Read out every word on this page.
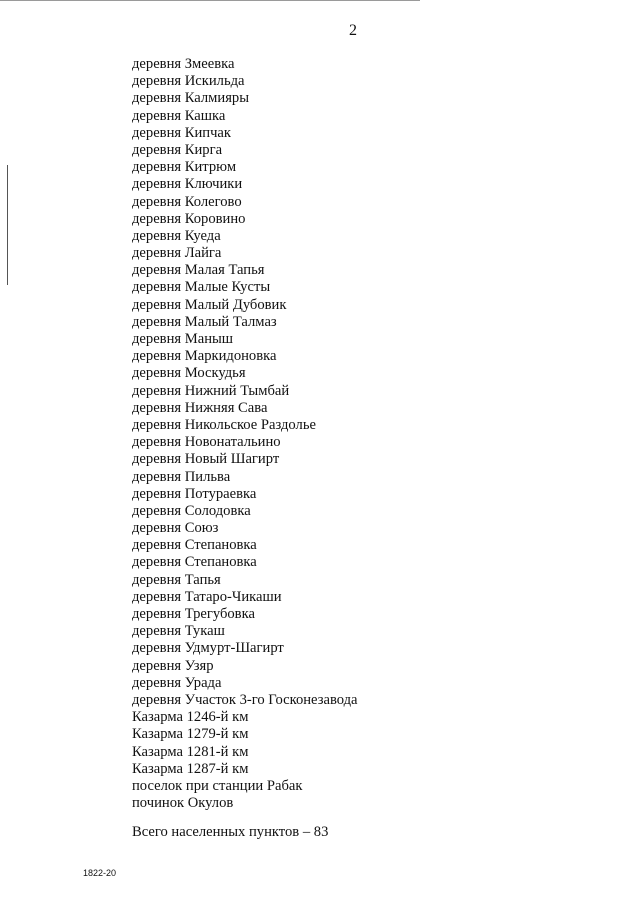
2
деревня Змеевка
деревня Искильда
деревня Калмияры
деревня Кашка
деревня Кипчак
деревня Кирга
деревня Китрюм
деревня Ключики
деревня Колегово
деревня Коровино
деревня Куеда
деревня Лайга
деревня Малая Тапья
деревня Малые Кусты
деревня Малый Дубовик
деревня Малый Талмаз
деревня Маныш
деревня Маркидоновка
деревня Москудья
деревня Нижний Тымбай
деревня Нижняя Сава
деревня Никольское Раздолье
деревня Новонатальино
деревня Новый Шагирт
деревня Пильва
деревня Потураевка
деревня Солодовка
деревня Союз
деревня Степановка
деревня Степановка
деревня Тапья
деревня Татаро-Чикаши
деревня Трегубовка
деревня Тукаш
деревня Удмурт-Шагирт
деревня Узяр
деревня Урада
деревня Участок 3-го Госконезавода
Казарма 1246-й км
Казарма 1279-й км
Казарма 1281-й км
Казарма 1287-й км
поселок при станции Рабак
починок Окулов
Всего населенных пунктов – 83
1822-20
